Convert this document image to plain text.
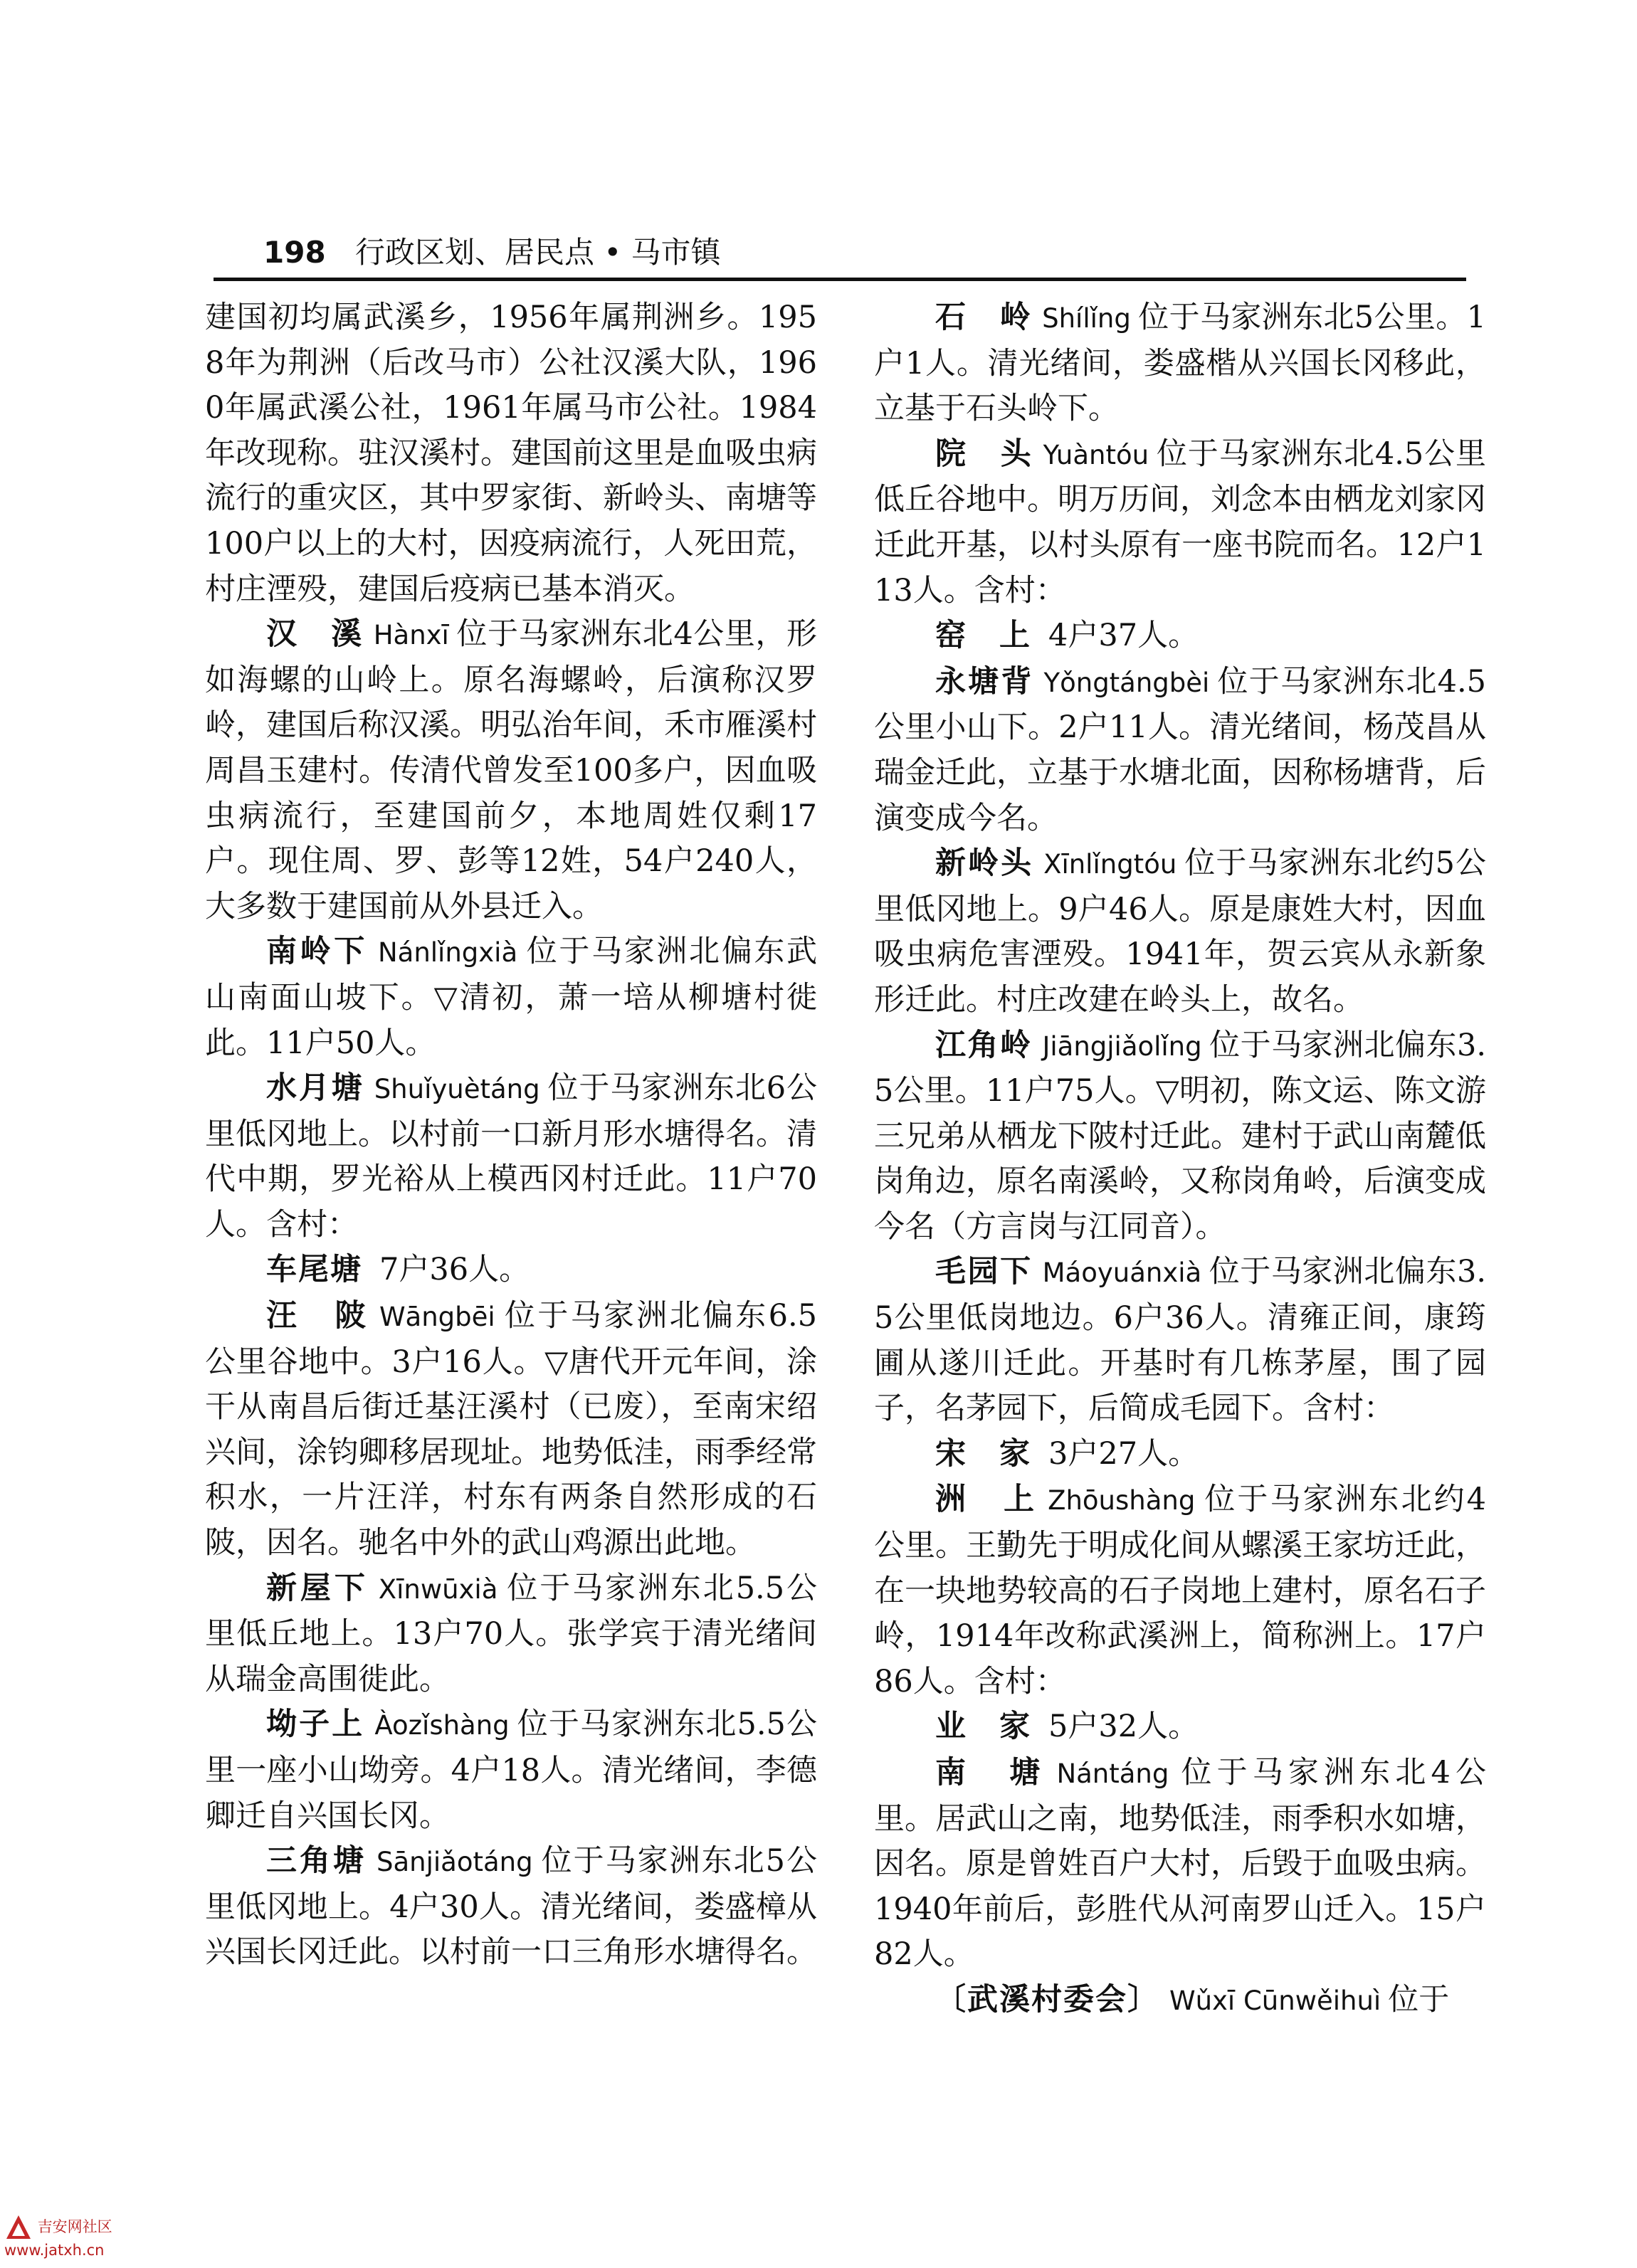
198 行政区划、居民点 • 马市镇

建国初均属武溪乡，1956年属荆洲乡。1958年为荆洲（后改马市）公社汉溪大队，1960年属武溪公社，1961年属马市公社。1984年改现称。驻汉溪村。建国前这里是血吸虫病流行的重灾区，其中罗家街、新岭头、南塘等100户以上的大村，因疫病流行，人死田荒，村庄湮殁，建国后疫病已基本消灭。

汉　溪 Hànxī 位于马家洲东北4公里，形如海螺的山岭上。原名海螺岭，后演称汉罗岭，建国后称汉溪。明弘治年间，禾市雁溪村周昌玉建村。传清代曾发至100多户，因血吸虫病流行，至建国前夕，本地周姓仅剩17户。现住周、罗、彭等12姓，54户240人，大多数于建国前从外县迁入。

南岭下 Nánlǐngxià 位于马家洲北偏东武山南面山坡下。▽清初，萧一培从柳塘村徙此。11户50人。

水月塘 Shuǐyuètáng 位于马家洲东北6公里低冈地上。以村前一口新月形水塘得名。清代中期，罗光裕从上模西冈村迁此。11户70人。含村：

车尾塘 7户36人。

汪　陂 Wāngbēi 位于马家洲北偏东6.5公里谷地中。3户16人。▽唐代开元年间，涂干从南昌后街迁基汪溪村（已废），至南宋绍兴间，涂钧卿移居现址。地势低洼，雨季经常积水，一片汪洋，村东有两条自然形成的石陂，因名。驰名中外的武山鸡源出此地。

新屋下 Xīnwūxià 位于马家洲东北5.5公里低丘地上。13户70人。张学宾于清光绪间从瑞金高围徙此。

坳子上 Àozǐshàng 位于马家洲东北5.5公里一座小山坳旁。4户18人。清光绪间，李德卿迁自兴国长冈。

三角塘 Sānjiǎotáng 位于马家洲东北5公里低冈地上。4户30人。清光绪间，娄盛樟从兴国长冈迁此。以村前一口三角形水塘得名。

石　岭 Shílǐng 位于马家洲东北5公里。1户1人。清光绪间，娄盛楷从兴国长冈移此，立基于石头岭下。

院　头 Yuàntóu 位于马家洲东北4.5公里低丘谷地中。明万历间，刘念本由栖龙刘家冈迁此开基，以村头原有一座书院而名。12户113人。含村：

窑　上 4户37人。

永塘背 Yǒngtángbèi 位于马家洲东北4.5公里小山下。2户11人。清光绪间，杨茂昌从瑞金迁此，立基于水塘北面，因称杨塘背，后演变成今名。

新岭头 Xīnlǐngtóu 位于马家洲东北约5公里低冈地上。9户46人。原是康姓大村，因血吸虫病危害湮殁。1941年，贺云宾从永新象形迁此。村庄改建在岭头上，故名。

江角岭 Jiāngjiǎolǐng 位于马家洲北偏东3.5公里。11户75人。▽明初，陈文运、陈文游三兄弟从栖龙下陂村迁此。建村于武山南麓低岗角边，原名南溪岭，又称岗角岭，后演变成今名（方言岗与江同音）。

毛园下 Máoyuánxià 位于马家洲北偏东3.5公里低岗地边。6户36人。清雍正间，康筠圃从遂川迁此。开基时有几栋茅屋，围了园子，名茅园下，后简成毛园下。含村：

宋　家 3户27人。

洲　上 Zhōushàng 位于马家洲东北约4公里。王勤先于明成化间从螺溪王家坊迁此，在一块地势较高的石子岗地上建村，原名石子岭，1914年改称武溪洲上，简称洲上。17户86人。含村：

业　家 5户32人。

南　塘 Nántáng 位于马家洲东北4公里。居武山之南，地势低洼，雨季积水如塘，因名。原是曾姓百户大村，后毁于血吸虫病。1940年前后，彭胜代从河南罗山迁入。15户82人。

〔武溪村委会〕 Wǔxī Cūnwěihuì 位于

吉安网社区
www.jatxh.cn
